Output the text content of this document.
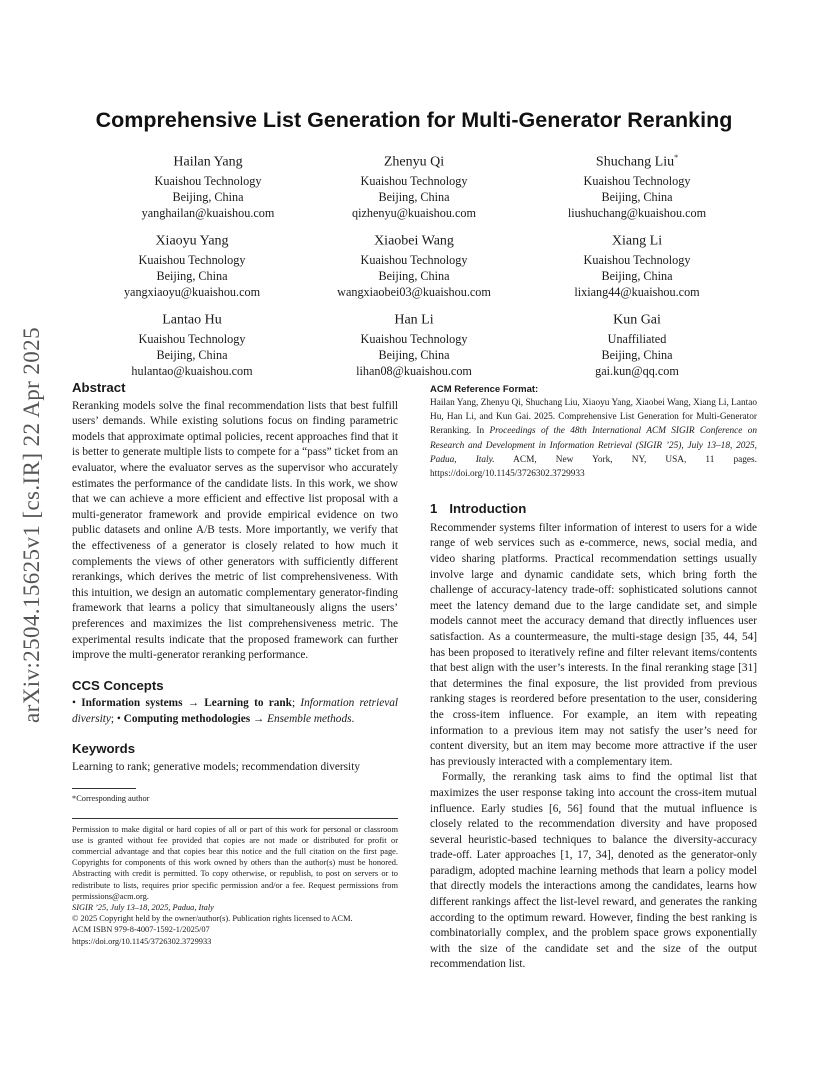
arXiv:2504.15625v1 [cs.IR] 22 Apr 2025
Comprehensive List Generation for Multi-Generator Reranking
Hailan Yang
Kuaishou Technology
Beijing, China
yanghailan@kuaishou.com
Zhenyu Qi
Kuaishou Technology
Beijing, China
qizhenyu@kuaishou.com
Shuchang Liu*
Kuaishou Technology
Beijing, China
liushuchang@kuaishou.com
Xiaoyu Yang
Kuaishou Technology
Beijing, China
yangxiaoyu@kuaishou.com
Xiaobei Wang
Kuaishou Technology
Beijing, China
wangxiaobei03@kuaishou.com
Xiang Li
Kuaishou Technology
Beijing, China
lixiang44@kuaishou.com
Lantao Hu
Kuaishou Technology
Beijing, China
hulantao@kuaishou.com
Han Li
Kuaishou Technology
Beijing, China
lihan08@kuaishou.com
Kun Gai
Unaffiliated
Beijing, China
gai.kun@qq.com
Abstract

Reranking models solve the final recommendation lists that best fulfill users’ demands. While existing solutions focus on finding parametric models that approximate optimal policies, recent approaches find that it is better to generate multiple lists to compete for a “pass” ticket from an evaluator, where the evaluator serves as the supervisor who accurately estimates the performance of the candidate lists. In this work, we show that we can achieve a more efficient and effective list proposal with a multi-generator framework and provide empirical evidence on two public datasets and online A/B tests. More importantly, we verify that the effectiveness of a generator is closely related to how much it complements the views of other generators with sufficiently different rerankings, which derives the metric of list comprehensiveness. With this intuition, we design an automatic complementary generator-finding framework that learns a policy that simultaneously aligns the users’ preferences and maximizes the list comprehensiveness metric. The experimental results indicate that the proposed framework can further improve the multi-generator reranking performance.

CCS Concepts

• Information systems → Learning to rank; Information retrieval diversity; • Computing methodologies → Ensemble methods.

Keywords

Learning to rank; generative models; recommendation diversity

*Corresponding author
Permission to make digital or hard copies of all or part of this work for personal or classroom use is granted without fee provided that copies are not made or distributed for profit or commercial advantage and that copies bear this notice and the full citation on the first page. Copyrights for components of this work owned by others than the author(s) must be honored. Abstracting with credit is permitted. To copy otherwise, or republish, to post on servers or to redistribute to lists, requires prior specific permission and/or a fee. Request permissions from permissions@acm.org.
SIGIR ’25, July 13–18, 2025, Padua, Italy
© 2025 Copyright held by the owner/author(s). Publication rights licensed to ACM.
ACM ISBN 979-8-4007-1592-1/2025/07
https://doi.org/10.1145/3726302.3729933
ACM Reference Format:
Hailan Yang, Zhenyu Qi, Shuchang Liu, Xiaoyu Yang, Xiaobei Wang, Xiang Li, Lantao Hu, Han Li, and Kun Gai. 2025. Comprehensive List Generation for Multi-Generator Reranking. In Proceedings of the 48th International ACM SIGIR Conference on Research and Development in Information Retrieval (SIGIR ’25), July 13–18, 2025, Padua, Italy. ACM, New York, NY, USA, 11 pages. https://doi.org/10.1145/3726302.3729933
1 Introduction

Recommender systems filter information of interest to users for a wide range of web services such as e-commerce, news, social media, and video sharing platforms. Practical recommendation settings usually involve large and dynamic candidate sets, which bring forth the challenge of accuracy-latency trade-off: sophisticated solutions cannot meet the latency demand due to the large candidate set, and simple models cannot meet the accuracy demand that directly influences user satisfaction. As a countermeasure, the multi-stage design [35, 44, 54] has been proposed to iteratively refine and filter relevant items/contents that best align with the user’s interests. In the final reranking stage [31] that determines the final exposure, the list provided from previous ranking stages is reordered before presentation to the user, considering the cross-item influence. For example, an item with repeating information to a previous item may not satisfy the user’s need for content diversity, but an item may become more attractive if the user has previously interacted with a complementary item.

Formally, the reranking task aims to find the optimal list that maximizes the user response taking into account the cross-item mutual influence. Early studies [6, 56] found that the mutual influence is closely related to the recommendation diversity and have proposed several heuristic-based techniques to balance the diversity-accuracy trade-off. Later approaches [1, 17, 34], denoted as the generator-only paradigm, adopted machine learning methods that learn a policy model that directly models the interactions among the candidates, learns how different rankings affect the list-level reward, and generates the ranking according to the optimum reward. However, finding the best ranking is combinatorially complex, and the problem space grows exponentially with the size of the candidate set and the size of the output recommendation list.
